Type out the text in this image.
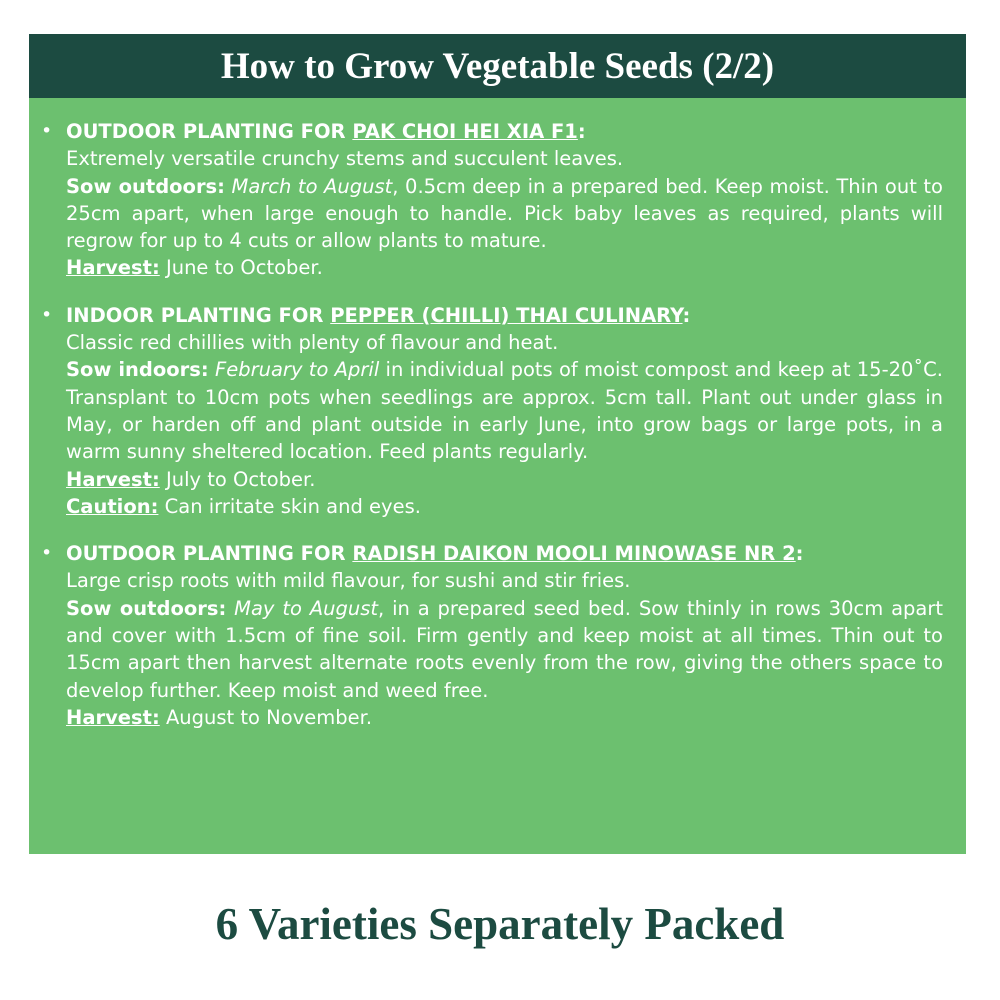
How to Grow Vegetable Seeds (2/2)
• OUTDOOR PLANTING FOR PAK CHOI HEI XIA F1:
Extremely versatile crunchy stems and succulent leaves.
Sow outdoors: March to August, 0.5cm deep in a prepared bed. Keep moist. Thin out to 25cm apart, when large enough to handle. Pick baby leaves as required, plants will regrow for up to 4 cuts or allow plants to mature.
Harvest: June to October.
• INDOOR PLANTING FOR PEPPER (CHILLI) THAI CULINARY:
Classic red chillies with plenty of flavour and heat.
Sow indoors: February to April in individual pots of moist compost and keep at 15-20˚C. Transplant to 10cm pots when seedlings are approx. 5cm tall. Plant out under glass in May, or harden off and plant outside in early June, into grow bags or large pots, in a warm sunny sheltered location. Feed plants regularly.
Harvest: July to October.
Caution: Can irritate skin and eyes.
• OUTDOOR PLANTING FOR RADISH DAIKON MOOLI MINOWASE NR 2:
Large crisp roots with mild flavour, for sushi and stir fries.
Sow outdoors: May to August, in a prepared seed bed. Sow thinly in rows 30cm apart and cover with 1.5cm of fine soil. Firm gently and keep moist at all times. Thin out to 15cm apart then harvest alternate roots evenly from the row, giving the others space to develop further. Keep moist and weed free.
Harvest: August to November.
6 Varieties Separately Packed
